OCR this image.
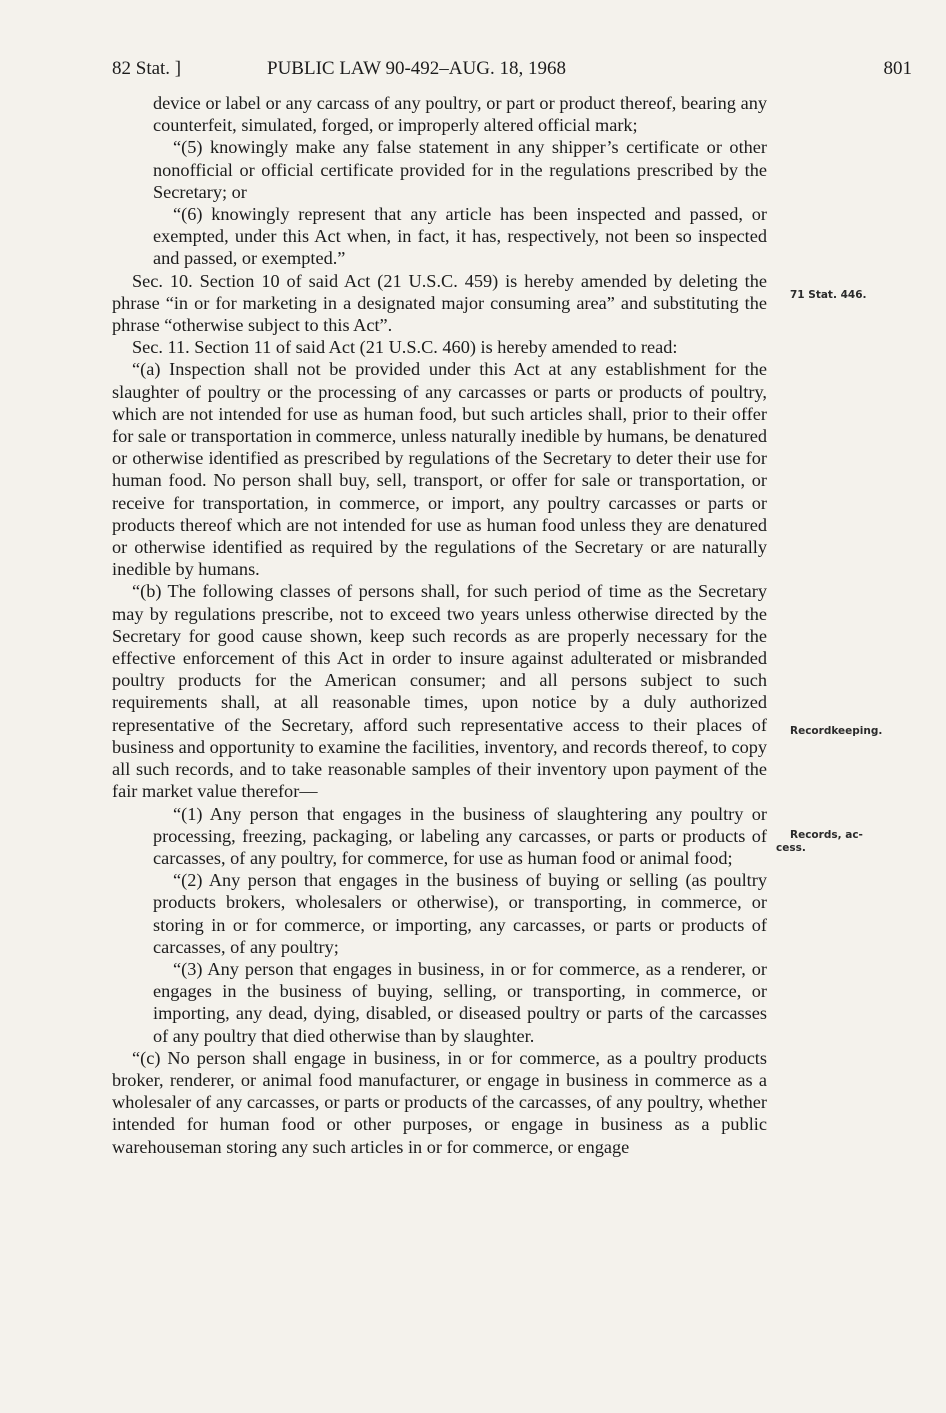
82 Stat. ]	PUBLIC LAW 90-492–AUG. 18, 1968	801

device or label or any carcass of any poultry, or part or product thereof, bearing any counterfeit, simulated, forged, or improperly altered official mark;

“(5) knowingly make any false statement in any shipper’s certificate or other nonofficial or official certificate provided for in the regulations prescribed by the Secretary; or

“(6) knowingly represent that any article has been inspected and passed, or exempted, under this Act when, in fact, it has, respectively, not been so inspected and passed, or exempted.”

Sec. 10. Section 10 of said Act (21 U.S.C. 459) is hereby amended by deleting the phrase “in or for marketing in a designated major consuming area” and substituting the phrase “otherwise subject to this Act”.

Sec. 11. Section 11 of said Act (21 U.S.C. 460) is hereby amended to read:

“(a) Inspection shall not be provided under this Act at any establishment for the slaughter of poultry or the processing of any carcasses or parts or products of poultry, which are not intended for use as human food, but such articles shall, prior to their offer for sale or transportation in commerce, unless naturally inedible by humans, be denatured or otherwise identified as prescribed by regulations of the Secretary to deter their use for human food. No person shall buy, sell, transport, or offer for sale or transportation, or receive for transportation, in commerce, or import, any poultry carcasses or parts or products thereof which are not intended for use as human food unless they are denatured or otherwise identified as required by the regulations of the Secretary or are naturally inedible by humans.

“(b) The following classes of persons shall, for such period of time as the Secretary may by regulations prescribe, not to exceed two years unless otherwise directed by the Secretary for good cause shown, keep such records as are properly necessary for the effective enforcement of this Act in order to insure against adulterated or misbranded poultry products for the American consumer; and all persons subject to such requirements shall, at all reasonable times, upon notice by a duly authorized representative of the Secretary, afford such representative access to their places of business and opportunity to examine the facilities, inventory, and records thereof, to copy all such records, and to take reasonable samples of their inventory upon payment of the fair market value therefor—

“(1) Any person that engages in the business of slaughtering any poultry or processing, freezing, packaging, or labeling any carcasses, or parts or products of carcasses, of any poultry, for commerce, for use as human food or animal food;

“(2) Any person that engages in the business of buying or selling (as poultry products brokers, wholesalers or otherwise), or transporting, in commerce, or storing in or for commerce, or importing, any carcasses, or parts or products of carcasses, of any poultry;

“(3) Any person that engages in business, in or for commerce, as a renderer, or engages in the business of buying, selling, or transporting, in commerce, or importing, any dead, dying, disabled, or diseased poultry or parts of the carcasses of any poultry that died otherwise than by slaughter.

“(c) No person shall engage in business, in or for commerce, as a poultry products broker, renderer, or animal food manufacturer, or engage in business in commerce as a wholesaler of any carcasses, or parts or products of the carcasses, of any poultry, whether intended for human food or other purposes, or engage in business as a public warehouseman storing any such articles in or for commerce, or engage

71 Stat. 446.
Recordkeeping.
Records, ac-
cess.
